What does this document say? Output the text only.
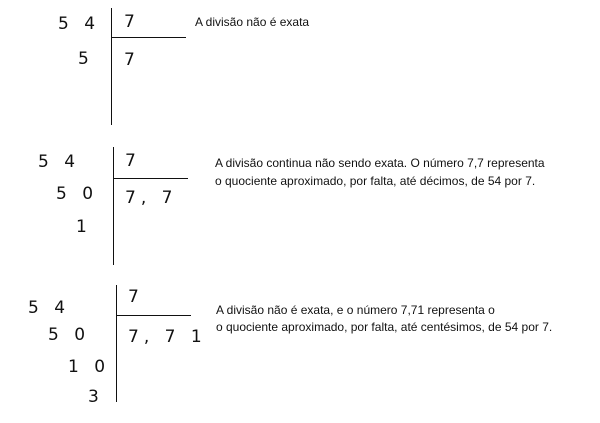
5 4
5
7
7
A divisão não é exata
5 4
5 0
1
7
7, 7
A divisão continua não sendo exata. O número 7,7 representa
o quociente aproximado, por falta, até décimos, de 54 por 7.
5 4
5 0
1 0
3
7
7, 7 1
A divisão não é exata, e o número 7,71 representa o
o quociente aproximado, por falta, até centésimos, de 54 por 7.
